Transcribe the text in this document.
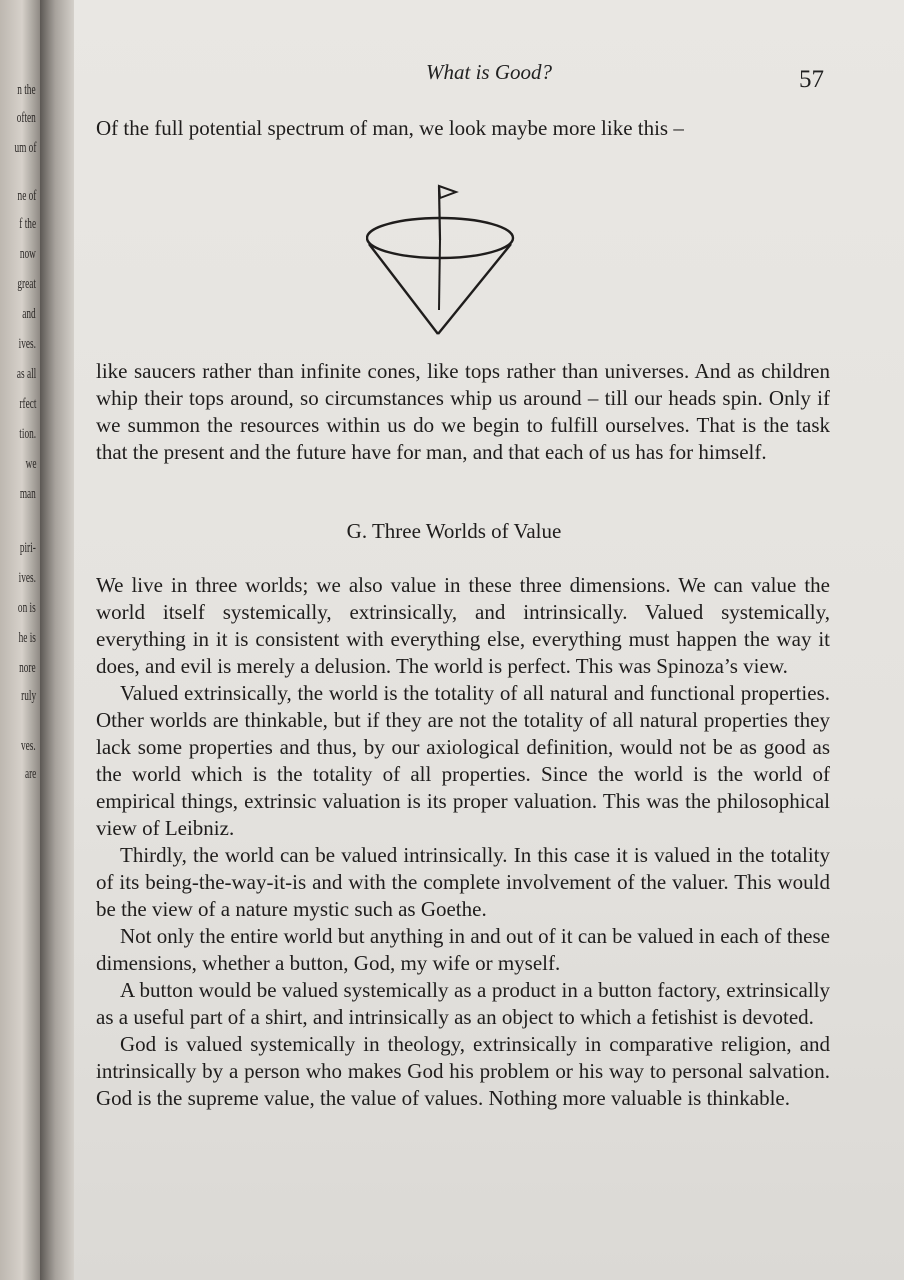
n the
often
um of
ne of
f the
now
great
and
ives.
as all
rfect
tion.
we
man
piri-
ives.
on is
he is
nore
ruly
ves.
are
What is Good?	57
Of the full potential spectrum of man, we look maybe more like this –

like saucers rather than infinite cones, like tops rather than universes. And as children whip their tops around, so circumstances whip us around – till our heads spin. Only if we summon the resources within us do we begin to fulfill ourselves. That is the task that the present and the future have for man, and that each of us has for himself.

G. Three Worlds of Value

We live in three worlds; we also value in these three dimensions. We can value the world itself systemically, extrinsically, and intrinsically. Valued systemically, everything in it is consistent with everything else, everything must happen the way it does, and evil is merely a delusion. The world is perfect. This was Spinoza’s view.

Valued extrinsically, the world is the totality of all natural and functional properties. Other worlds are thinkable, but if they are not the totality of all natural properties they lack some properties and thus, by our axiological definition, would not be as good as the world which is the totality of all properties. Since the world is the world of empirical things, extrinsic valuation is its proper valuation. This was the philosophical view of Leibniz.

Thirdly, the world can be valued intrinsically. In this case it is valued in the totality of its being-the-way-it-is and with the complete involvement of the valuer. This would be the view of a nature mystic such as Goethe.

Not only the entire world but anything in and out of it can be valued in each of these dimensions, whether a button, God, my wife or myself.

A button would be valued systemically as a product in a button factory, extrinsically as a useful part of a shirt, and intrinsically as an object to which a fetishist is devoted.

God is valued systemically in theology, extrinsically in comparative religion, and intrinsically by a person who makes God his problem or his way to personal salvation. God is the supreme value, the value of values. Nothing more valuable is thinkable.
